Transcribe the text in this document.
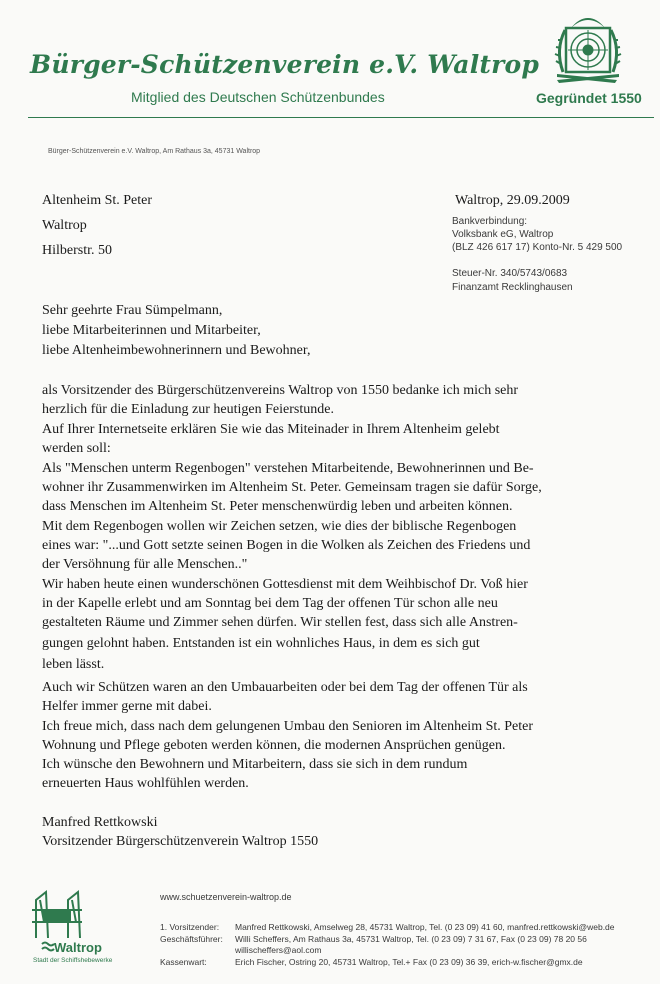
Bürger-Schützenverein e.V. Waltrop
Mitglied des Deutschen Schützenbundes	Gegründet 1550
Bürger-Schützenverein e.V. Waltrop, Am Rathaus 3a, 45731 Waltrop
Altenheim St. Peter
Waltrop
Hilberstr. 50
Waltrop, 29.09.2009
Bankverbindung:
Volksbank eG, Waltrop
(BLZ 426 617 17) Konto-Nr. 5 429 500
Steuer-Nr. 340/5743/0683
Finanzamt Recklinghausen
Sehr geehrte Frau Sümpelmann,
liebe Mitarbeiterinnen und Mitarbeiter,
liebe Altenheimbewohnerinnern und Bewohner,
als Vorsitzender des Bürgerschützenvereins Waltrop von 1550 bedanke ich mich sehr
herzlich für die Einladung zur heutigen Feierstunde.
Auf Ihrer Internetseite erklären Sie wie das Miteinader in Ihrem Altenheim gelebt
werden soll:
Als "Menschen unterm Regenbogen" verstehen Mitarbeitende, Bewohnerinnen und Be-
wohner ihr Zusammenwirken im Altenheim St. Peter. Gemeinsam tragen sie dafür Sorge,
dass Menschen im Altenheim St. Peter menschenwürdig leben und arbeiten können.
Mit dem Regenbogen wollen wir Zeichen setzen, wie dies der biblische Regenbogen
eines war: "...und Gott setzte seinen Bogen in die Wolken als Zeichen des Friedens und
der Versöhnung für alle Menschen.."
Wir haben heute einen wunderschönen Gottesdienst mit dem Weihbischof Dr. Voß hier
in der Kapelle erlebt und am Sonntag bei dem Tag der offenen Tür schon alle neu
gestalteten Räume und Zimmer sehen dürfen. Wir stellen fest, dass sich alle Anstren-
gungen gelohnt haben. Entstanden ist ein wohnliches Haus, in dem es sich gut
leben lässt.
Auch wir Schützen waren an den Umbauarbeiten oder bei dem Tag der offenen Tür als
Helfer immer gerne mit dabei.
Ich freue mich, dass nach dem gelungenen Umbau den Senioren im Altenheim St. Peter
Wohnung und Pflege geboten werden können, die modernen Ansprüchen genügen.
Ich wünsche den Bewohnern und Mitarbeitern, dass sie sich in dem rundum
erneuerten Haus wohlfühlen werden.
Manfred Rettkowski
Vorsitzender Bürgerschützenverein Waltrop 1550
Waltrop
Stadt der Schiffshebewerke
www.schuetzenverein-waltrop.de
1. Vorsitzender: Manfred Rettkowski, Amselweg 28, 45731 Waltrop, Tel. (0 23 09) 41 60, manfred.rettkowski@web.de
Geschäftsführer: Willi Scheffers, Am Rathaus 3a, 45731 Waltrop, Tel. (0 23 09) 7 31 67, Fax (0 23 09) 78 20 56
willischeffers@aol.com
Kassenwart:	Erich Fischer, Ostring 20, 45731 Waltrop, Tel.+ Fax (0 23 09) 36 39, erich-w.fischer@gmx.de
